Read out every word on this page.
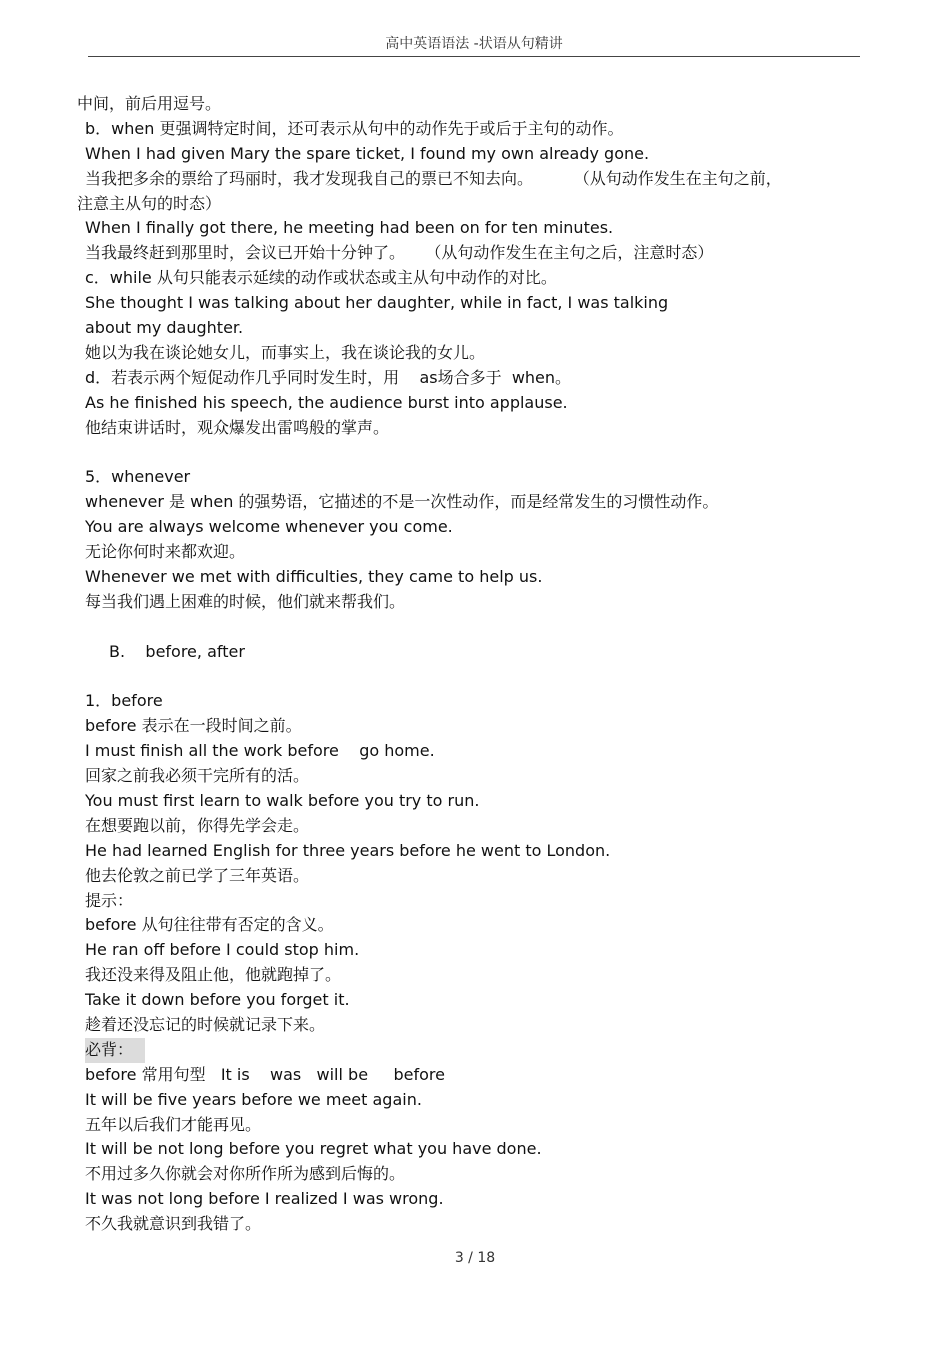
高中英语语法 -状语从句精讲
中间，前后用逗号。
b．when 更强调特定时间，还可表示从句中的动作先于或后于主句的动作。
When I had given Mary the spare ticket, I found my own already gone.
当我把多余的票给了玛丽时，我才发现我自己的票已不知去向。        （从句动作发生在主句之前，
注意主从句的时态）
When I finally got there, he meeting had been on for ten minutes.
当我最终赶到那里时，会议已开始十分钟了。    （从句动作发生在主句之后，注意时态）
c．while 从句只能表示延续的动作或状态或主从句中动作的对比。
She thought I was talking about her daughter, while in fact, I was talking
about my daughter.
她以为我在谈论她女儿，而事实上，我在谈论我的女儿。
d．若表示两个短促动作几乎同时发生时，用    as场合多于  when。
As he finished his speech, the audience burst into applause.
他结束讲话时，观众爆发出雷鸣般的掌声。
5．whenever
whenever 是 when 的强势语，它描述的不是一次性动作，而是经常发生的习惯性动作。
You are always welcome whenever you come.
无论你何时来都欢迎。
Whenever we met with difficulties, they came to help us.
每当我们遇上困难的时候，他们就来帮我们。
B.    before, after
1．before
before 表示在一段时间之前。
I must finish all the work before    go home.
回家之前我必须干完所有的活。
You must first learn to walk before you try to run.
在想要跑以前，你得先学会走。
He had learned English for three years before he went to London.
他去伦敦之前已学了三年英语。
提示：
before 从句往往带有否定的含义。
He ran off before I could stop him.
我还没来得及阻止他，他就跑掉了。
Take it down before you forget it.
趁着还没忘记的时候就记录下来。
必背：
before 常用句型   It is    was   will be     before
It will be five years before we meet again.
五年以后我们才能再见。
It will be not long before you regret what you have done.
不用过多久你就会对你所作所为感到后悔的。
It was not long before I realized I was wrong.
不久我就意识到我错了。
3 / 18
